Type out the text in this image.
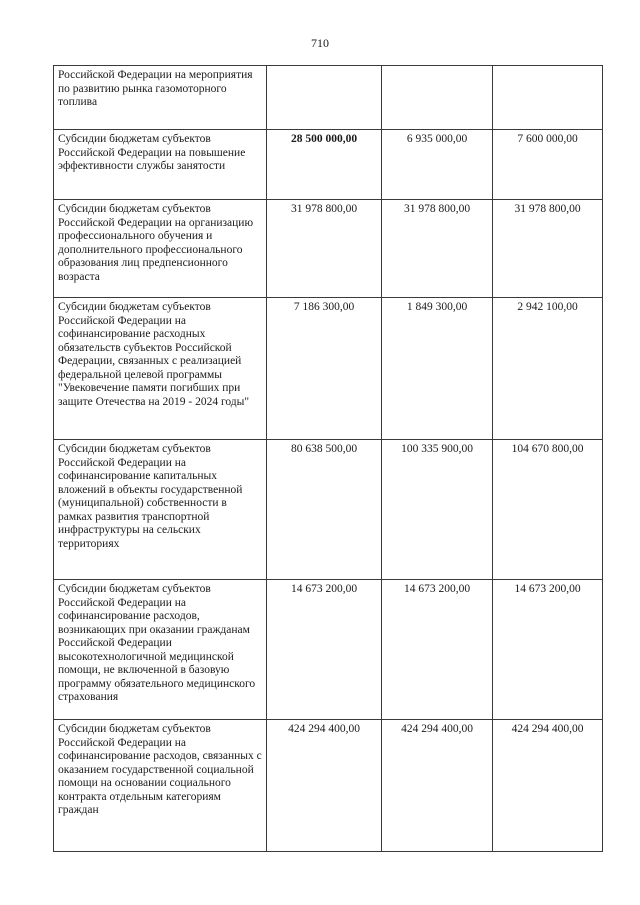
710
Российской Федерации на мероприятия по развитию рынка газомоторного топлива			
Субсидии бюджетам субъектов Российской Федерации на повышение эффективности службы занятости	28 500 000,00	6 935 000,00	7 600 000,00
Субсидии бюджетам субъектов Российской Федерации на организацию профессионального обучения и дополнительного профессионального образования лиц предпенсионного возраста	31 978 800,00	31 978 800,00	31 978 800,00
Субсидии бюджетам субъектов Российской Федерации на софинансирование расходных обязательств субъектов Российской Федерации, связанных с реализацией федеральной целевой программы "Увековечение памяти погибших при защите Отечества на 2019 - 2024 годы"	7 186 300,00	1 849 300,00	2 942 100,00
Субсидии бюджетам субъектов Российской Федерации на софинансирование капитальных вложений в объекты государственной (муниципальной) собственности в рамках развития транспортной инфраструктуры на сельских территориях	80 638 500,00	100 335 900,00	104 670 800,00
Субсидии бюджетам субъектов Российской Федерации на софинансирование расходов, возникающих при оказании гражданам Российской Федерации высокотехнологичной медицинской помощи, не включенной в базовую программу обязательного медицинского страхования	14 673 200,00	14 673 200,00	14 673 200,00
Субсидии бюджетам субъектов Российской Федерации на софинансирование расходов, связанных с оказанием государственной социальной помощи на основании социального контракта отдельным категориям граждан	424 294 400,00	424 294 400,00	424 294 400,00
